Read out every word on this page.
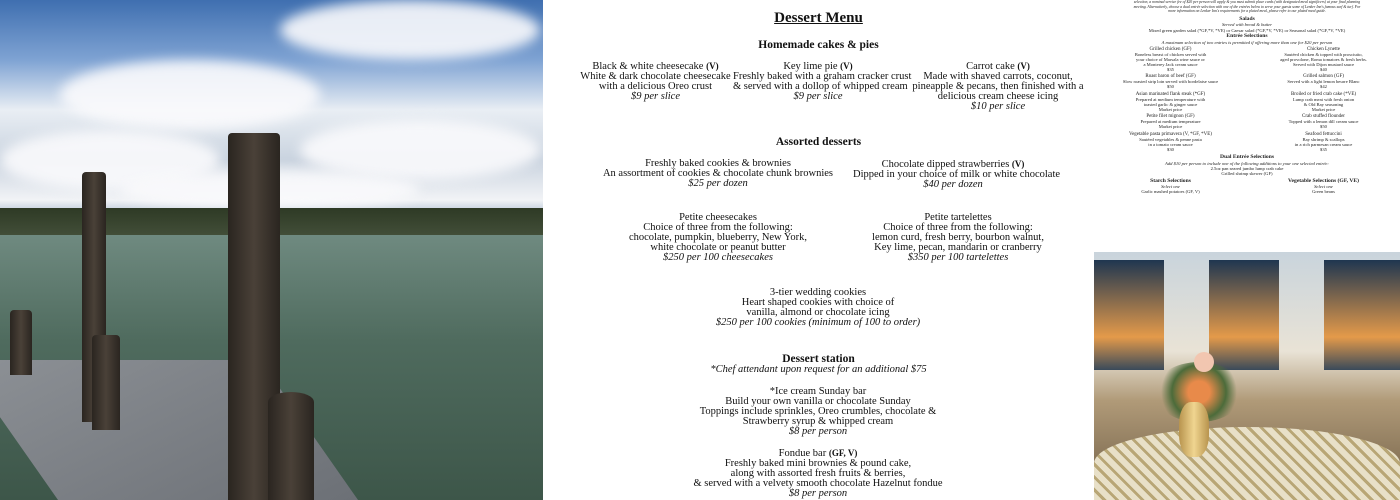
Dessert Menu
Homemade cakes & pies
Black & white cheesecake (V)
White & dark chocolate cheesecake
with a delicious Oreo crust
$9 per slice
Key lime pie (V)
Freshly baked with a graham cracker crust
& served with a dollop of whipped cream
$9 per slice
Carrot cake (V)
Made with shaved carrots, coconut,
pineapple & pecans, then finished with a
delicious cream cheese icing
$10 per slice
Assorted desserts
Freshly baked cookies & brownies
An assortment of cookies & chocolate chunk brownies
$25 per dozen
Chocolate dipped strawberries (V)
Dipped in your choice of milk or white chocolate
$40 per dozen
Petite cheesecakes
Choice of three from the following:
chocolate, pumpkin, blueberry, New York,
white chocolate or peanut butter
$250 per 100 cheesecakes
Petite tartelettes
Choice of three from the following:
lemon curd, fresh berry, bourbon walnut,
Key lime, pecan, mandarin or cranberry
$350 per 100 tartelettes
3-tier wedding cookies
Heart shaped cookies with choice of
vanilla, almond or chocolate icing
$250 per 100 cookies (minimum of 100 to order)
Dessert station
*Chef attendant upon request for an additional $75
*Ice cream Sunday bar
Build your own vanilla or chocolate Sunday
Toppings include sprinkles, Oreo crumbles, chocolate &
Strawberry syrup & whipped cream
$8 per person
Fondue bar (GF, V)
Freshly baked mini brownies & pound cake,
along with assorted fresh fruits & berries,
& served with a velvety smooth chocolate Hazelnut fondue
$8 per person
selection, a nominal service fee of $20 per person will apply & you must submit place cards (with designated meal significers) at your final planning
meeting. Alternatively, choose a dual entrée selection with one of the entrées below to serve your guests some of Lenker Inn's famous surf & turf. For
more information on Lenker Inn's requirements for a plated meal, please refer to our plated meal guide.
Salads
Served with bread & butter
Mixed green garden salad (*GF,*V, *VE) or Caesar salad (*GF,*V, *VE) or Seasonal salad (*GF,*V, *VE)
Entrée Selections
A maximum selection of two entries is permitted if offering more than one for $20 per person
Grilled chicken (GF)
Boneless breast of chicken served with
your choice of Marsala wine sauce or
a Monterey Jack cream sauce
$35
Roast baron of beef (GF)
Slow roasted strip loin served with bordelaise sauce
$50
Asian marinated flank steak (*GF)
Prepared at medium temperature with
toasted garlic & ginger sauce
Market price
Petite filet mignon (GF)
Prepared at medium temperature
Market price
Vegetable pasta primavera (V, *GF, *VE)
Sautéed vegetables & penne pasta
in a tomato cream sauce
$30
Chicken Lynette
Sautéed chicken & topped with prosciutto,
aged provolone, Roma tomatoes & fresh herbs.
Served with Dijon mustard sauce
$40
Grilled salmon (GF)
Served with a light lemon beurre Blanc
$42
Broiled or fried crab cake (*VE)
Lump crab meat with fresh onion
& Old Bay seasoning
Market price
Crab stuffed flounder
Topped with a lemon dill cream sauce
$50
Seafood fettuccini
Bay shrimp & scallops
in a rich parmesan cream sauce
$35
Dual Entrée Selections
Add $10 per person to include one of the following additions to your one selected entrée:
2.5oz pan seared jumbo lump crab cake
Grilled shrimp skewer (GF)
Starch Selections
Select one
Garlic mashed potatoes (GF, V)
Vegetable Selections (GF, VE)
Select one
Green beans
